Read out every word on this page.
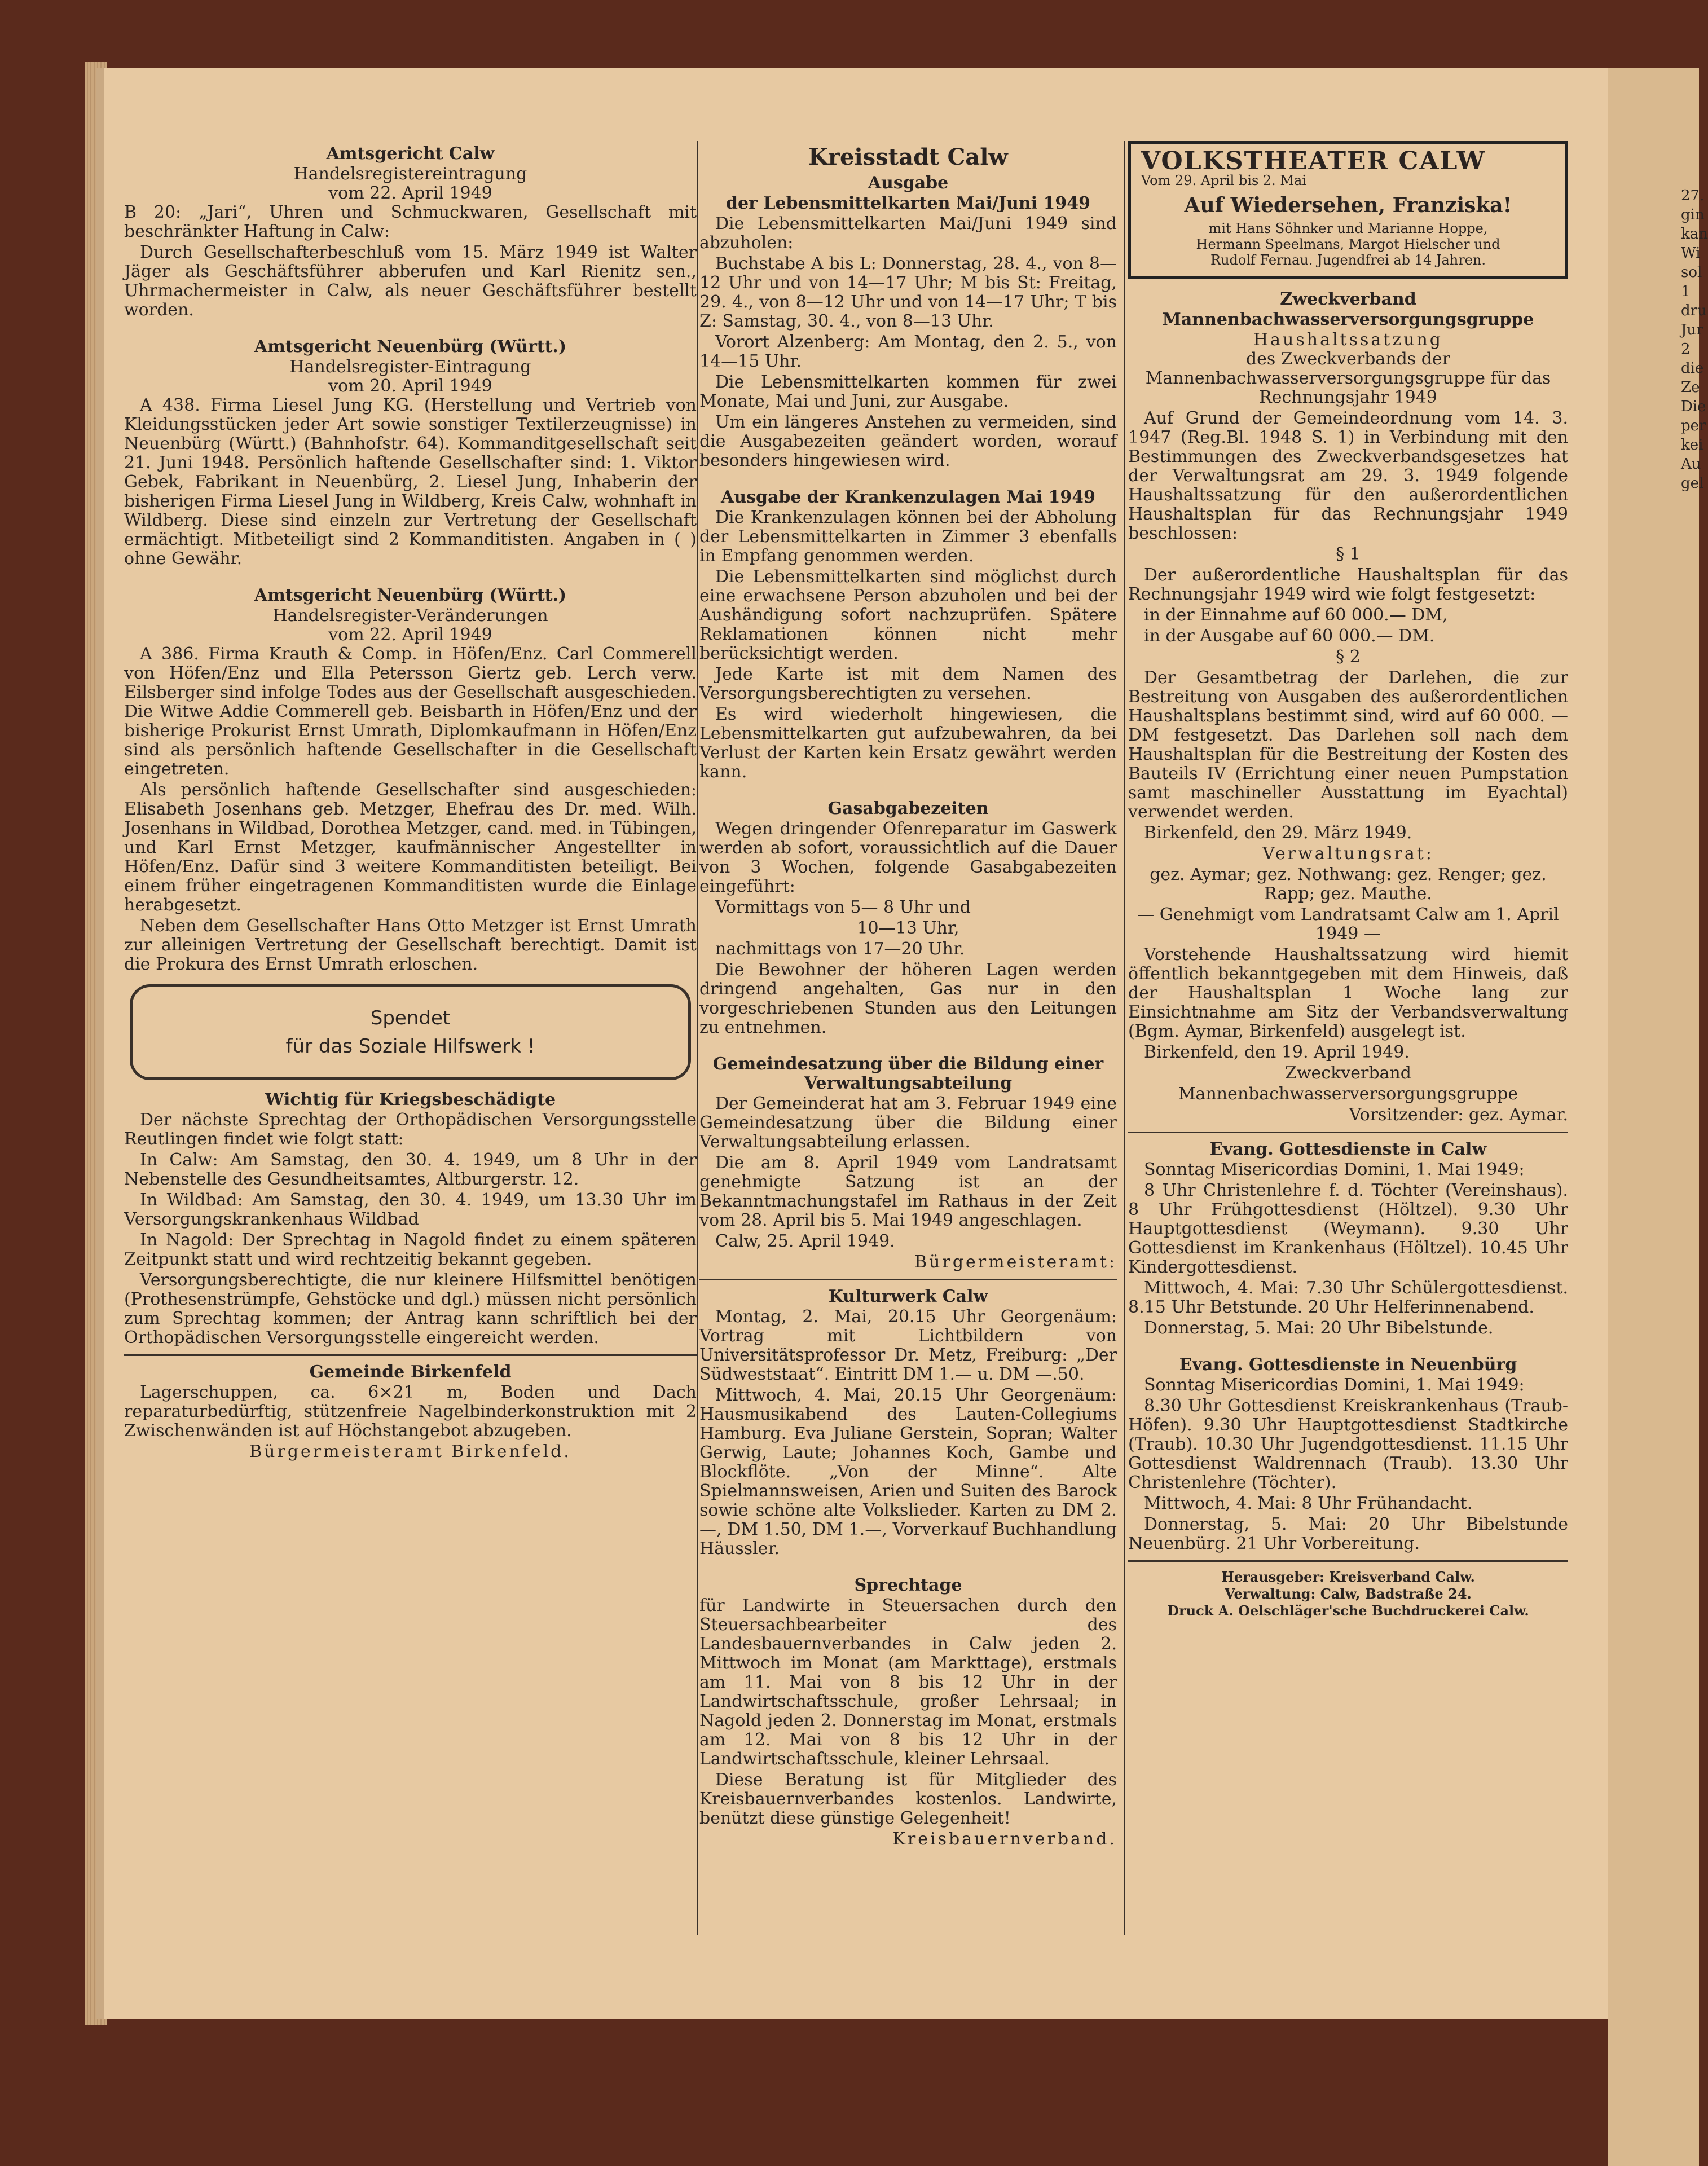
Amtsgericht Calw
Handelsregistereintragung
vom 22. April 1949

B 20: „Jari“, Uhren und Schmuckwaren, Gesellschaft mit beschränkter Haftung in Calw:

Durch Gesellschafterbeschluß vom 15. März 1949 ist Walter Jäger als Geschäftsführer abberufen und Karl Rienitz sen., Uhrmachermeister in Calw, als neuer Geschäftsführer bestellt worden.

Amtsgericht Neuenbürg (Württ.)
Handelsregister-Eintragung
vom 20. April 1949

A 438. Firma Liesel Jung KG. (Herstellung und Vertrieb von Kleidungsstücken jeder Art sowie sonstiger Textilerzeugnisse) in Neuenbürg (Württ.) (Bahnhofstr. 64). Kommanditgesellschaft seit 21. Juni 1948. Persönlich haftende Gesellschafter sind: 1. Viktor Gebek, Fabrikant in Neuenbürg, 2. Liesel Jung, Inhaberin der bisherigen Firma Liesel Jung in Wildberg, Kreis Calw, wohnhaft in Wildberg. Diese sind einzeln zur Vertretung der Gesellschaft ermächtigt. Mitbeteiligt sind 2 Kommanditisten. Angaben in ( ) ohne Gewähr.

Amtsgericht Neuenbürg (Württ.)
Handelsregister-Veränderungen
vom 22. April 1949

A 386. Firma Krauth & Comp. in Höfen/Enz. Carl Commerell von Höfen/Enz und Ella Petersson Giertz geb. Lerch verw. Eilsberger sind infolge Todes aus der Gesellschaft ausgeschieden. Die Witwe Addie Commerell geb. Beisbarth in Höfen/Enz und der bisherige Prokurist Ernst Umrath, Diplomkaufmann in Höfen/Enz sind als persönlich haftende Gesellschafter in die Gesellschaft eingetreten.

Als persönlich haftende Gesellschafter sind ausgeschieden: Elisabeth Josenhans geb. Metzger, Ehefrau des Dr. med. Wilh. Josenhans in Wildbad, Dorothea Metzger, cand. med. in Tübingen, und Karl Ernst Metzger, kaufmännischer Angestellter in Höfen/Enz. Dafür sind 3 weitere Kommanditisten beteiligt. Bei einem früher eingetragenen Kommanditisten wurde die Einlage herabgesetzt.

Neben dem Gesellschafter Hans Otto Metzger ist Ernst Umrath zur alleinigen Vertretung der Gesellschaft berechtigt. Damit ist die Prokura des Ernst Umrath erloschen.

Spendet
für das Soziale Hilfswerk !
Wichtig für Kriegsbeschädigte

Der nächste Sprechtag der Orthopädischen Versorgungsstelle Reutlingen findet wie folgt statt:

In Calw: Am Samstag, den 30. 4. 1949, um 8 Uhr in der Nebenstelle des Gesundheitsamtes, Altburgerstr. 12.

In Wildbad: Am Samstag, den 30. 4. 1949, um 13.30 Uhr im Versorgungskrankenhaus Wildbad

In Nagold: Der Sprechtag in Nagold findet zu einem späteren Zeitpunkt statt und wird rechtzeitig bekannt gegeben.

Versorgungsberechtigte, die nur kleinere Hilfsmittel benötigen (Prothesenstrümpfe, Gehstöcke und dgl.) müssen nicht persönlich zum Sprechtag kommen; der Antrag kann schriftlich bei der Orthopädischen Versorgungsstelle eingereicht werden.

Gemeinde Birkenfeld

Lagerschuppen, ca. 6×21 m, Boden und Dach reparaturbedürftig, stützenfreie Nagelbinderkonstruktion mit 2 Zwischenwänden ist auf Höchstangebot abzugeben.

Bürgermeisteramt Birkenfeld.

Kreisstadt Calw
Ausgabe
der Lebensmittelkarten Mai/Juni 1949

Die Lebensmittelkarten Mai/Juni 1949 sind abzuholen:

Buchstabe A bis L: Donnerstag, 28. 4., von 8—12 Uhr und von 14—17 Uhr; M bis St: Freitag, 29. 4., von 8—12 Uhr und von 14—17 Uhr; T bis Z: Samstag, 30. 4., von 8—13 Uhr.

Vorort Alzenberg: Am Montag, den 2. 5., von 14—15 Uhr.

Die Lebensmittelkarten kommen für zwei Monate, Mai und Juni, zur Ausgabe.

Um ein längeres Anstehen zu vermeiden, sind die Ausgabezeiten geändert worden, worauf besonders hingewiesen wird.

Ausgabe der Krankenzulagen Mai 1949

Die Krankenzulagen können bei der Abholung der Lebensmittelkarten in Zimmer 3 ebenfalls in Empfang genommen werden.

Die Lebensmittelkarten sind möglichst durch eine erwachsene Person abzuholen und bei der Aushändigung sofort nachzuprüfen. Spätere Reklamationen können nicht mehr berücksichtigt werden.

Jede Karte ist mit dem Namen des Versorgungsberechtigten zu versehen.

Es wird wiederholt hingewiesen, die Lebensmittelkarten gut aufzubewahren, da bei Verlust der Karten kein Ersatz gewährt werden kann.

Gasabgabezeiten

Wegen dringender Ofenreparatur im Gaswerk werden ab sofort, voraussichtlich auf die Dauer von 3 Wochen, folgende Gasabgabezeiten eingeführt:

Vormittags von 5— 8 Uhr und

10—13 Uhr,

nachmittags von 17—20 Uhr.

Die Bewohner der höheren Lagen werden dringend angehalten, Gas nur in den vorgeschriebenen Stunden aus den Leitungen zu entnehmen.

Gemeindesatzung über die Bildung einer Verwaltungsabteilung

Der Gemeinderat hat am 3. Februar 1949 eine Gemeindesatzung über die Bildung einer Verwaltungsabteilung erlassen.

Die am 8. April 1949 vom Landratsamt genehmigte Satzung ist an der Bekanntmachungstafel im Rathaus in der Zeit vom 28. April bis 5. Mai 1949 angeschlagen.

Calw, 25. April 1949.

Bürgermeisteramt:

Kulturwerk Calw

Montag, 2. Mai, 20.15 Uhr Georgenäum: Vortrag mit Lichtbildern von Universitätsprofessor Dr. Metz, Freiburg: „Der Südweststaat“. Eintritt DM 1.— u. DM —.50.

Mittwoch, 4. Mai, 20.15 Uhr Georgenäum: Hausmusikabend des Lauten-Collegiums Hamburg. Eva Juliane Gerstein, Sopran; Walter Gerwig, Laute; Johannes Koch, Gambe und Blockflöte. „Von der Minne“. Alte Spielmannsweisen, Arien und Suiten des Barock sowie schöne alte Volkslieder. Karten zu DM 2.—, DM 1.50, DM 1.—, Vorverkauf Buchhandlung Häussler.

Sprechtage

für Landwirte in Steuersachen durch den Steuersachbearbeiter des Landesbauernverbandes in Calw jeden 2. Mittwoch im Monat (am Markttage), erstmals am 11. Mai von 8 bis 12 Uhr in der Landwirtschaftsschule, großer Lehrsaal; in Nagold jeden 2. Donnerstag im Monat, erstmals am 12. Mai von 8 bis 12 Uhr in der Landwirtschaftsschule, kleiner Lehrsaal.

Diese Beratung ist für Mitglieder des Kreisbauernverbandes kostenlos. Landwirte, benützt diese günstige Gelegenheit!

Kreisbauernverband.

VOLKSTHEATER CALW
Vom 29. April bis 2. Mai
Auf Wiedersehen, Franziska!
mit Hans Söhnker und Marianne Hoppe,
Hermann Speelmans, Margot Hielscher und
Rudolf Fernau. Jugendfrei ab 14 Jahren.
Zweckverband
Mannenbachwasserversorgungsgruppe
Haushaltssatzung

des Zweckverbands der Mannenbachwasserversorgungsgruppe für das Rechnungsjahr 1949

Auf Grund der Gemeindeordnung vom 14. 3. 1947 (Reg.Bl. 1948 S. 1) in Verbindung mit den Bestimmungen des Zweckverbandsgesetzes hat der Verwaltungsrat am 29. 3. 1949 folgende Haushaltssatzung für den außerordentlichen Haushaltsplan für das Rechnungsjahr 1949 beschlossen:

§ 1

Der außerordentliche Haushaltsplan für das Rechnungsjahr 1949 wird wie folgt festgesetzt:

in der Einnahme auf 60 000.— DM,

in der Ausgabe auf 60 000.— DM.

§ 2

Der Gesamtbetrag der Darlehen, die zur Bestreitung von Ausgaben des außerordentlichen Haushaltsplans bestimmt sind, wird auf 60 000. —DM festgesetzt. Das Darlehen soll nach dem Haushaltsplan für die Bestreitung der Kosten des Bauteils IV (Errichtung einer neuen Pumpstation samt maschineller Ausstattung im Eyachtal) verwendet werden.

Birkenfeld, den 29. März 1949.

Verwaltungsrat:

gez. Aymar; gez. Nothwang: gez. Renger; gez. Rapp; gez. Mauthe.

— Genehmigt vom Landratsamt Calw am 1. April 1949 —

Vorstehende Haushaltssatzung wird hiemit öffentlich bekanntgegeben mit dem Hinweis, daß der Haushaltsplan 1 Woche lang zur Einsichtnahme am Sitz der Verbandsverwaltung (Bgm. Aymar, Birkenfeld) ausgelegt ist.

Birkenfeld, den 19. April 1949.

Zweckverband

Mannenbachwasserversorgungsgruppe

Vorsitzender: gez. Aymar.

Evang. Gottesdienste in Calw

Sonntag Misericordias Domini, 1. Mai 1949:

8 Uhr Christenlehre f. d. Töchter (Vereinshaus). 8 Uhr Frühgottesdienst (Höltzel). 9.30 Uhr Hauptgottesdienst (Weymann). 9.30 Uhr Gottesdienst im Krankenhaus (Höltzel). 10.45 Uhr Kindergottesdienst.

Mittwoch, 4. Mai: 7.30 Uhr Schülergottesdienst. 8.15 Uhr Betstunde. 20 Uhr Helferinnenabend.

Donnerstag, 5. Mai: 20 Uhr Bibelstunde.

Evang. Gottesdienste in Neuenbürg

Sonntag Misericordias Domini, 1. Mai 1949:

8.30 Uhr Gottesdienst Kreiskrankenhaus (Traub-Höfen). 9.30 Uhr Hauptgottesdienst Stadtkirche (Traub). 10.30 Uhr Jugendgottesdienst. 11.15 Uhr Gottesdienst Waldrennach (Traub). 13.30 Uhr Christenlehre (Töchter).

Mittwoch, 4. Mai: 8 Uhr Frühandacht.

Donnerstag, 5. Mai: 20 Uhr Bibelstunde Neuenbürg. 21 Uhr Vorbereitung.

Herausgeber: Kreisverband Calw.
Verwaltung: Calw, Badstraße 24.
Druck A. Oelschläger'sche Buchdruckerei Calw.
27.
gin
kan
Wi
sol
1
dru
Jur
2
die
Ze
Die
per
kei
Au
gel
